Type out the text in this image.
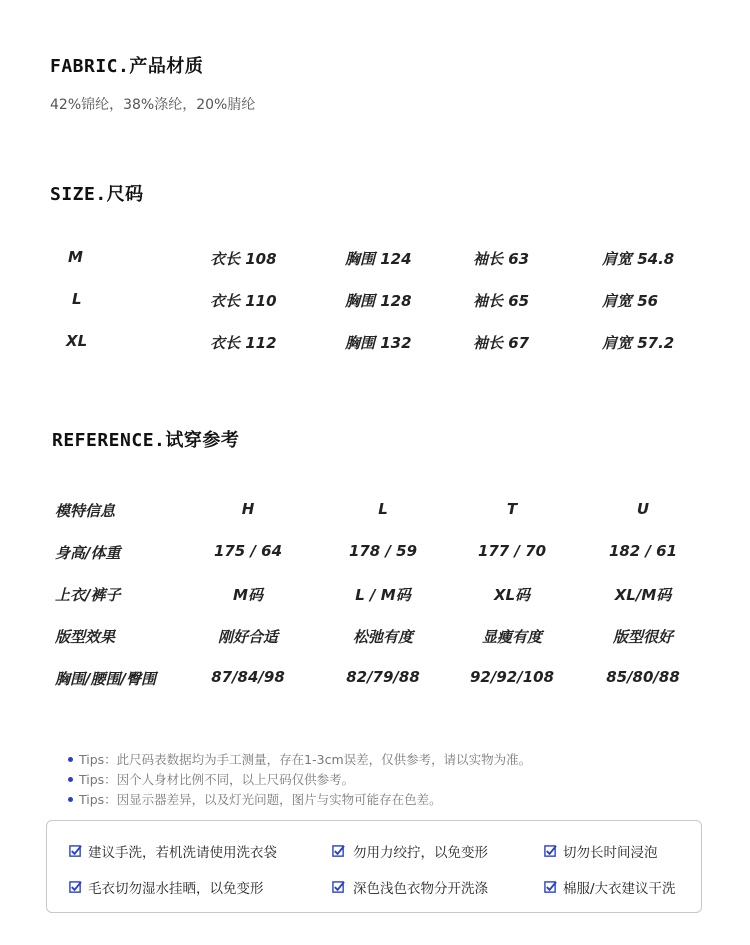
FABRIC.产品材质
42%锦纶，38%涤纶，20%腈纶
SIZE.尺码
M	衣长 108	胸围 124	袖长 63	肩宽 54.8
L	衣长 110	胸围 128	袖长 65	肩宽 56
XL	衣长 112	胸围 132	袖长 67	肩宽 57.2
REFERENCE.试穿参考
模特信息	H	L	T	U
身高/体重	175 / 64	178 / 59	177 / 70	182 / 61
上衣/裤子	M码	L / M码	XL码	XL/M码
版型效果	刚好合适	松弛有度	显瘦有度	版型很好
胸围/腰围/臀围	87/84/98	82/79/88	92/92/108	85/80/88
Tips：此尺码表数据均为手工测量，存在1-3cm误差，仅供参考，请以实物为准。
Tips：因个人身材比例不同，以上尺码仅供参考。
Tips：因显示器差异，以及灯光问题，图片与实物可能存在色差。
建议手洗，若机洗请使用洗衣袋	勿用力绞拧，以免变形	切勿长时间浸泡
毛衣切勿湿水挂晒，以免变形	深色浅色衣物分开洗涤	棉服/大衣建议干洗
